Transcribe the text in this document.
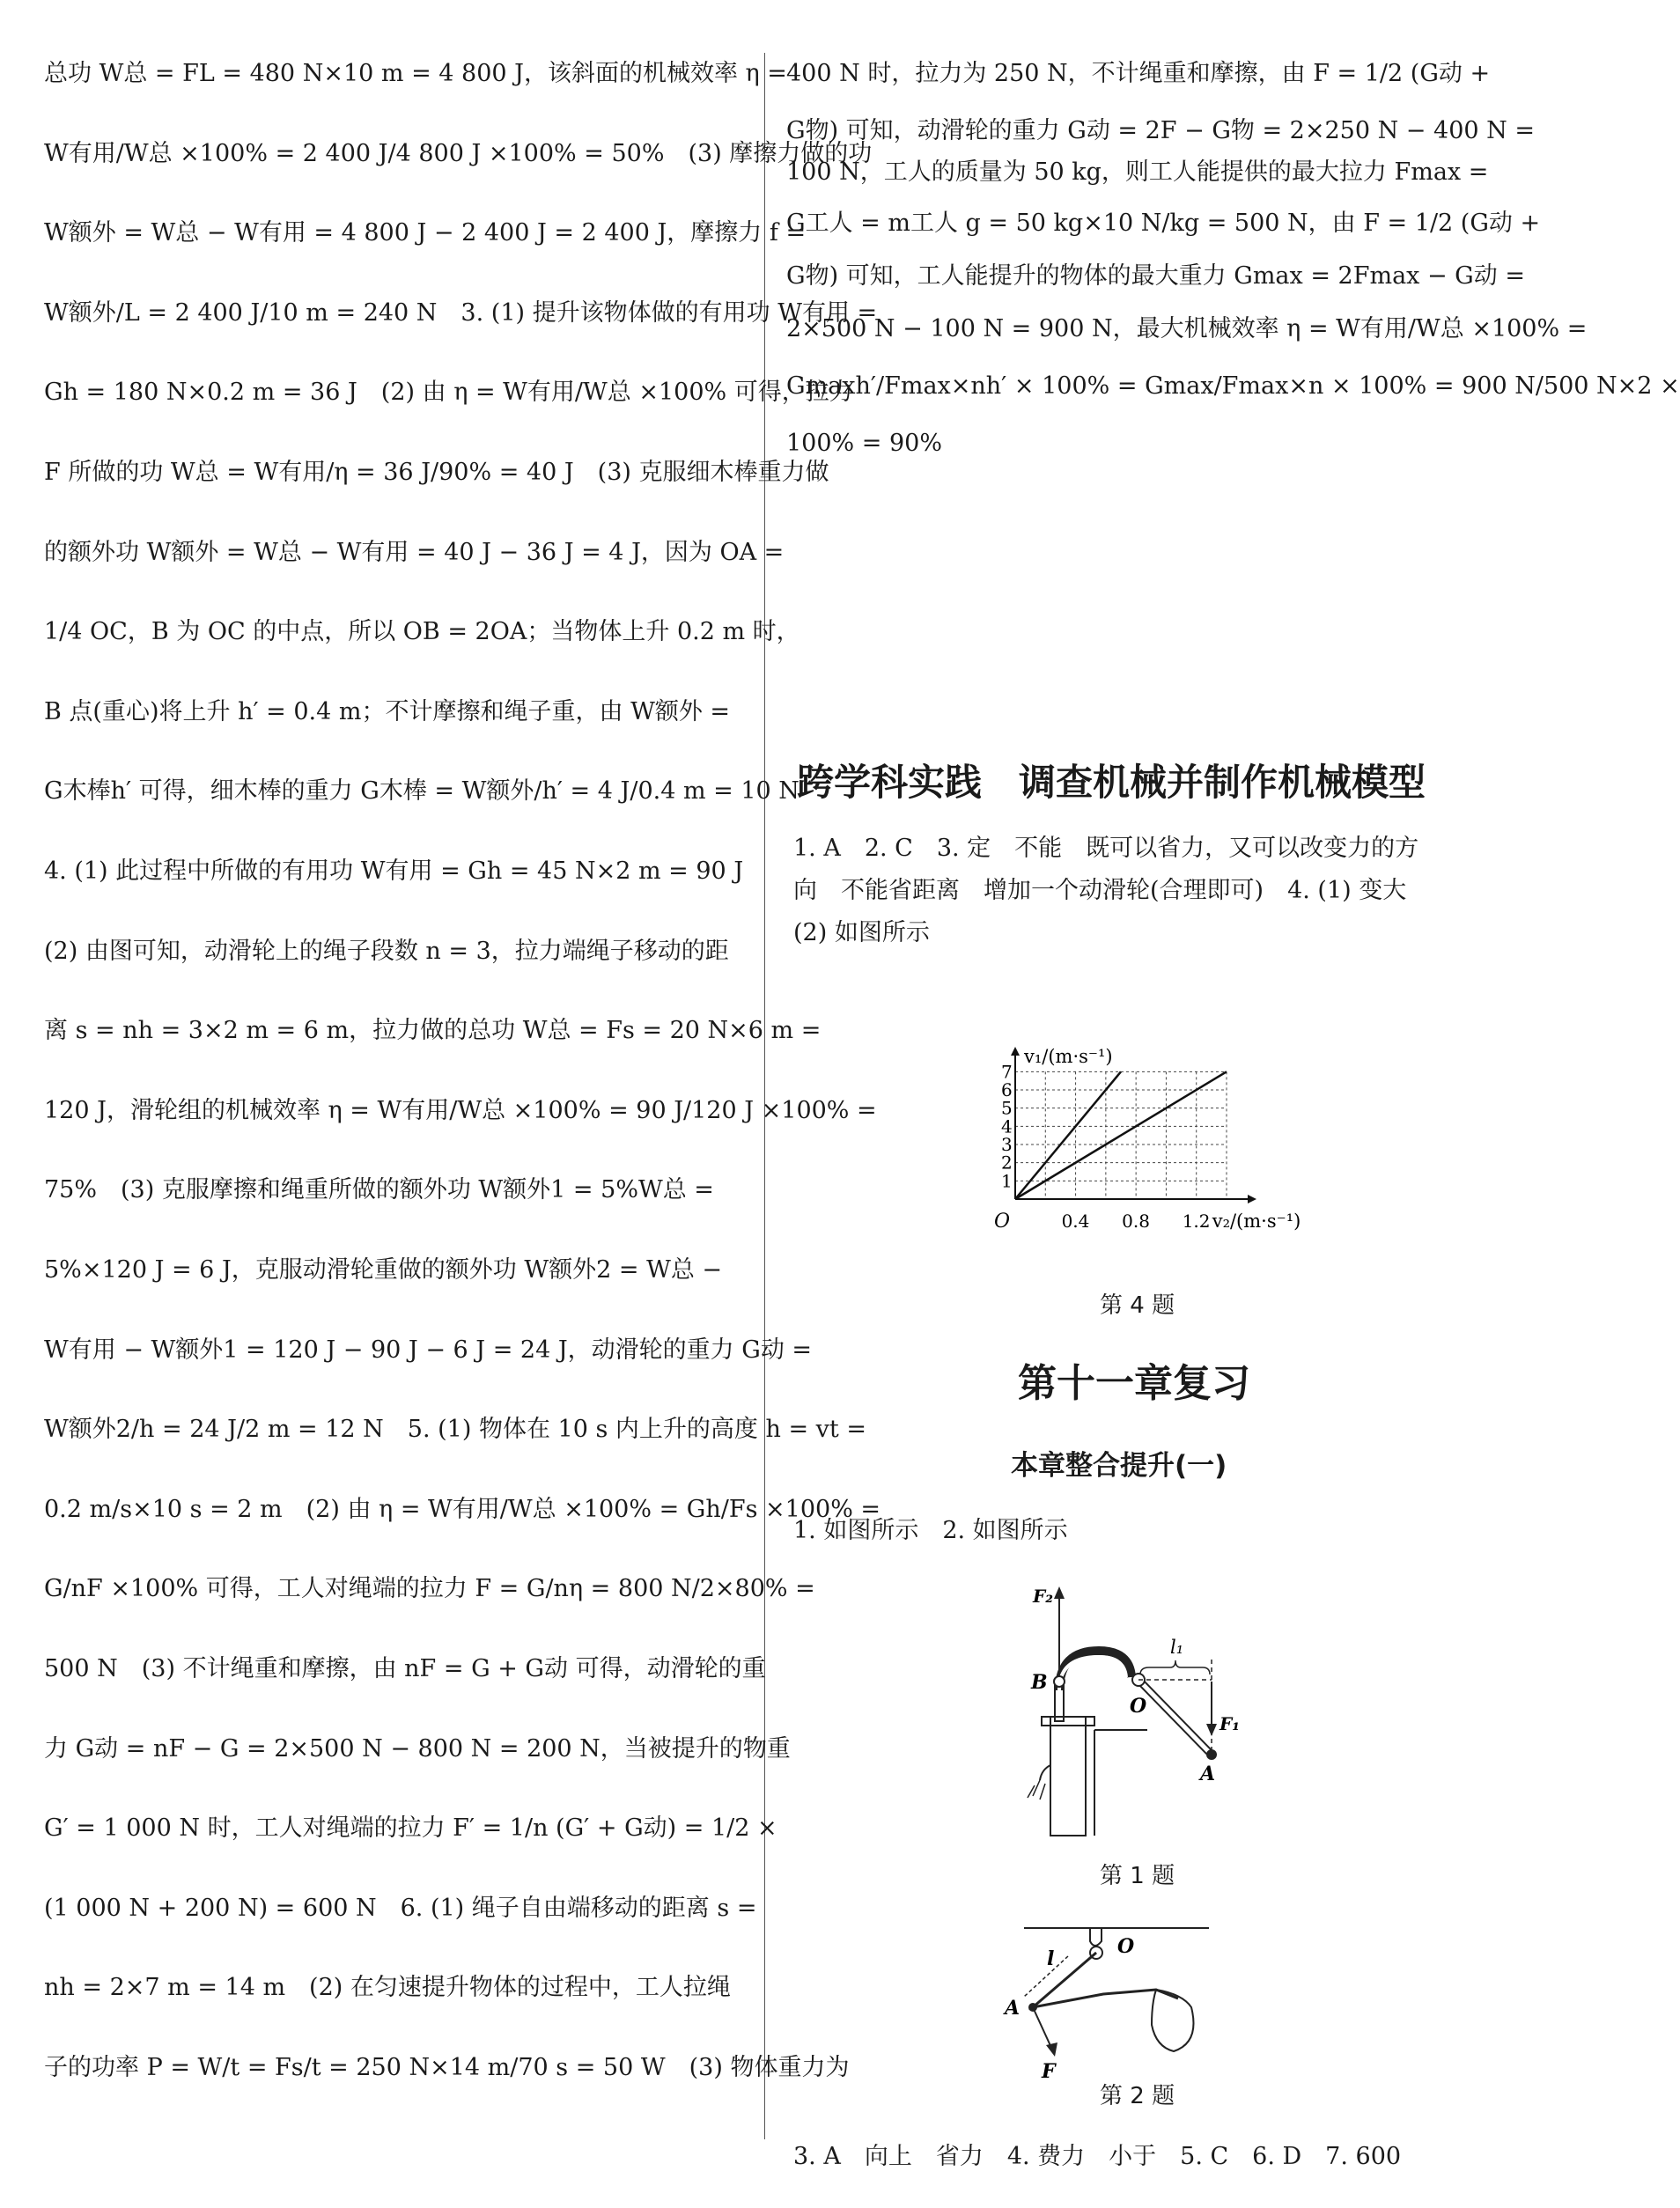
总功 W总 = FL = 480 N×10 m = 4 800 J，该斜面的机械效率 η =
W有用/W总 ×100% = 2 400 J/4 800 J ×100% = 50%　(3) 摩擦力做的功
W额外 = W总 − W有用 = 4 800 J − 2 400 J = 2 400 J，摩擦力 f =
W额外/L = 2 400 J/10 m = 240 N　3. (1) 提升该物体做的有用功 W有用 =
Gh = 180 N×0.2 m = 36 J　(2) 由 η = W有用/W总 ×100% 可得，拉力
F 所做的功 W总 = W有用/η = 36 J/90% = 40 J　(3) 克服细木棒重力做
的额外功 W额外 = W总 − W有用 = 40 J − 36 J = 4 J，因为 OA =
1/4 OC，B 为 OC 的中点，所以 OB = 2OA；当物体上升 0.2 m 时，
B 点(重心)将上升 h′ = 0.4 m；不计摩擦和绳子重，由 W额外 =
G木棒h′ 可得，细木棒的重力 G木棒 = W额外/h′ = 4 J/0.4 m = 10 N
4. (1) 此过程中所做的有用功 W有用 = Gh = 45 N×2 m = 90 J
(2) 由图可知，动滑轮上的绳子段数 n = 3，拉力端绳子移动的距
离 s = nh = 3×2 m = 6 m，拉力做的总功 W总 = Fs = 20 N×6 m =
120 J，滑轮组的机械效率 η = W有用/W总 ×100% = 90 J/120 J ×100% =
75%　(3) 克服摩擦和绳重所做的额外功 W额外1 = 5%W总 =
5%×120 J = 6 J，克服动滑轮重做的额外功 W额外2 = W总 −
W有用 − W额外1 = 120 J − 90 J − 6 J = 24 J，动滑轮的重力 G动 =
W额外2/h = 24 J/2 m = 12 N　5. (1) 物体在 10 s 内上升的高度 h = vt =
0.2 m/s×10 s = 2 m　(2) 由 η = W有用/W总 ×100% = Gh/Fs ×100% =
G/nF ×100% 可得，工人对绳端的拉力 F = G/nη = 800 N/2×80% =
500 N　(3) 不计绳重和摩擦，由 nF = G + G动 可得，动滑轮的重
力 G动 = nF − G = 2×500 N − 800 N = 200 N，当被提升的物重
G′ = 1 000 N 时，工人对绳端的拉力 F′ = 1/n (G′ + G动) = 1/2 ×
(1 000 N + 200 N) = 600 N　6. (1) 绳子自由端移动的距离 s =
nh = 2×7 m = 14 m　(2) 在匀速提升物体的过程中，工人拉绳
子的功率 P = W/t = Fs/t = 250 N×14 m/70 s = 50 W　(3) 物体重力为
400 N 时，拉力为 250 N，不计绳重和摩擦，由 F = 1/2 (G动 +
G物) 可知，动滑轮的重力 G动 = 2F − G物 = 2×250 N − 400 N =
100 N，工人的质量为 50 kg，则工人能提供的最大拉力 Fmax =
G工人 = m工人 g = 50 kg×10 N/kg = 500 N，由 F = 1/2 (G动 +
G物) 可知，工人能提升的物体的最大重力 Gmax = 2Fmax − G动 =
2×500 N − 100 N = 900 N，最大机械效率 η = W有用/W总 ×100% =
Gmaxh′/Fmax×nh′ × 100% = Gmax/Fmax×n × 100% = 900 N/500 N×2 ×
100% = 90%
跨学科实践　调查机械并制作机械模型
1. A　2. C　3. 定　不能　既可以省力，又可以改变力的方
向　不能省距离　增加一个动滑轮(合理即可)　4. (1) 变大
(2) 如图所示
1
2
3
4
5
6
7
0.4 0.8 1.2
v₁/(m·s⁻¹)
v₂/(m·s⁻¹)
O
第 4 题
第十一章复习
本章整合提升(一)
1. 如图所示　2. 如图所示
F₂
B
O
A
F₁
l₁
第 1 题
O
l
A
F
第 2 题
3. A　向上　省力　4. 费力　小于　5. C　6. D　7. 600
